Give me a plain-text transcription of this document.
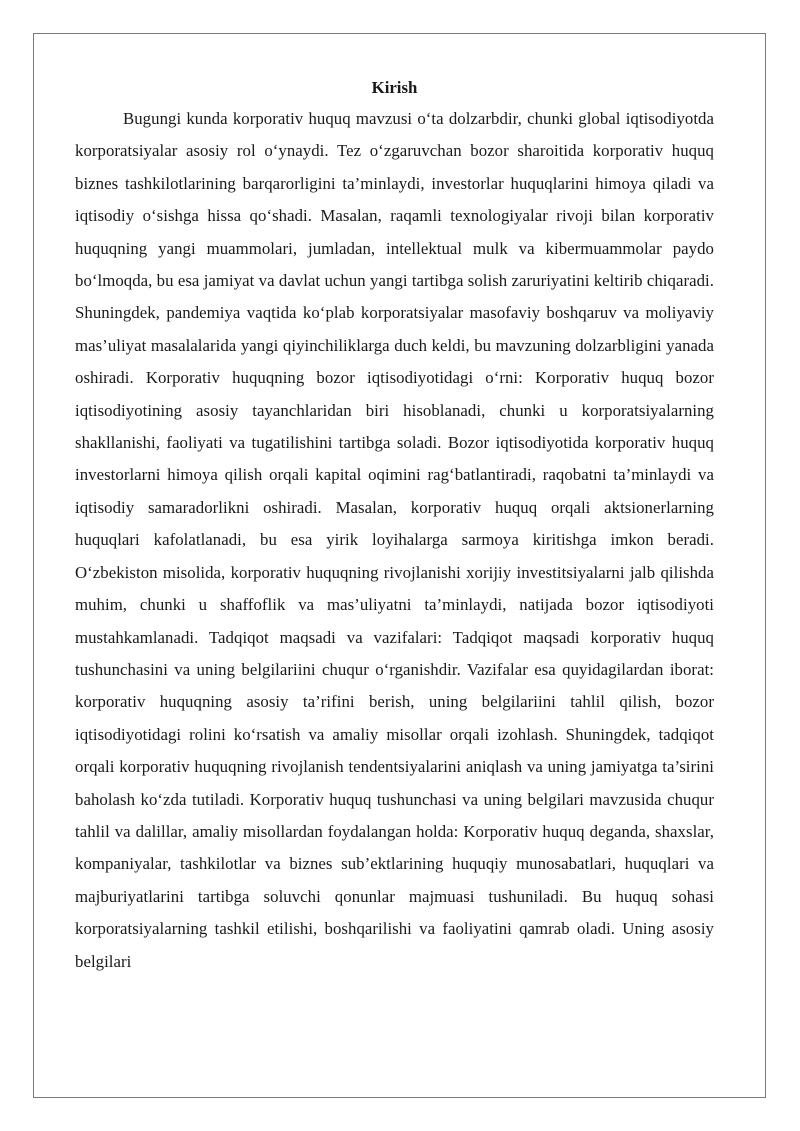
Kirish

Bugungi kunda korporativ huquq mavzusi o‘ta dolzarbdir, chunki global iqtisodiyotda korporatsiyalar asosiy rol o‘ynaydi. Tez o‘zgaruvchan bozor sharoitida korporativ huquq biznes tashkilotlarining barqarorligini ta’minlaydi, investorlar huquqlarini himoya qiladi va iqtisodiy o‘sishga hissa qo‘shadi. Masalan, raqamli texnologiyalar rivoji bilan korporativ huquqning yangi muammolari, jumladan, intellektual mulk va kibermuammolar paydo bo‘lmoqda, bu esa jamiyat va davlat uchun yangi tartibga solish zaruriyatini keltirib chiqaradi. Shuningdek, pandemiya vaqtida ko‘plab korporatsiyalar masofaviy boshqaruv va moliyaviy mas’uliyat masalalarida yangi qiyinchiliklarga duch keldi, bu mavzuning dolzarbligini yanada oshiradi. Korporativ huquqning bozor iqtisodiyotidagi o‘rni: Korporativ huquq bozor iqtisodiyotining asosiy tayanchlaridan biri hisoblanadi, chunki u korporatsiyalarning shakllanishi, faoliyati va tugatilishini tartibga soladi. Bozor iqtisodiyotida korporativ huquq investorlarni himoya qilish orqali kapital oqimini rag‘batlantiradi, raqobatni ta’minlaydi va iqtisodiy samaradorlikni oshiradi. Masalan, korporativ huquq orqali aktsionerlarning huquqlari kafolatlanadi, bu esa yirik loyihalarga sarmoya kiritishga imkon beradi. O‘zbekiston misolida, korporativ huquqning rivojlanishi xorijiy investitsiyalarni jalb qilishda muhim, chunki u shaffoflik va mas’uliyatni ta’minlaydi, natijada bozor iqtisodiyoti mustahkamlanadi. Tadqiqot maqsadi va vazifalari: Tadqiqot maqsadi korporativ huquq tushunchasini va uning belgilariini chuqur o‘rganishdir. Vazifalar esa quyidagilardan iborat: korporativ huquqning asosiy ta’rifini berish, uning belgilariini tahlil qilish, bozor iqtisodiyotidagi rolini ko‘rsatish va amaliy misollar orqali izohlash. Shuningdek, tadqiqot orqali korporativ huquqning rivojlanish tendentsiyalarini aniqlash va uning jamiyatga ta’sirini baholash ko‘zda tutiladi. Korporativ huquq tushunchasi va uning belgilari mavzusida chuqur tahlil va dalillar, amaliy misollardan foydalangan holda: Korporativ huquq deganda, shaxslar, kompaniyalar, tashkilotlar va biznes sub’ektlarining huquqiy munosabatlari, huquqlari va majburiyatlarini tartibga soluvchi qonunlar majmuasi tushuniladi. Bu huquq sohasi korporatsiyalarning tashkil etilishi, boshqarilishi va faoliyatini qamrab oladi. Uning asosiy belgilari
